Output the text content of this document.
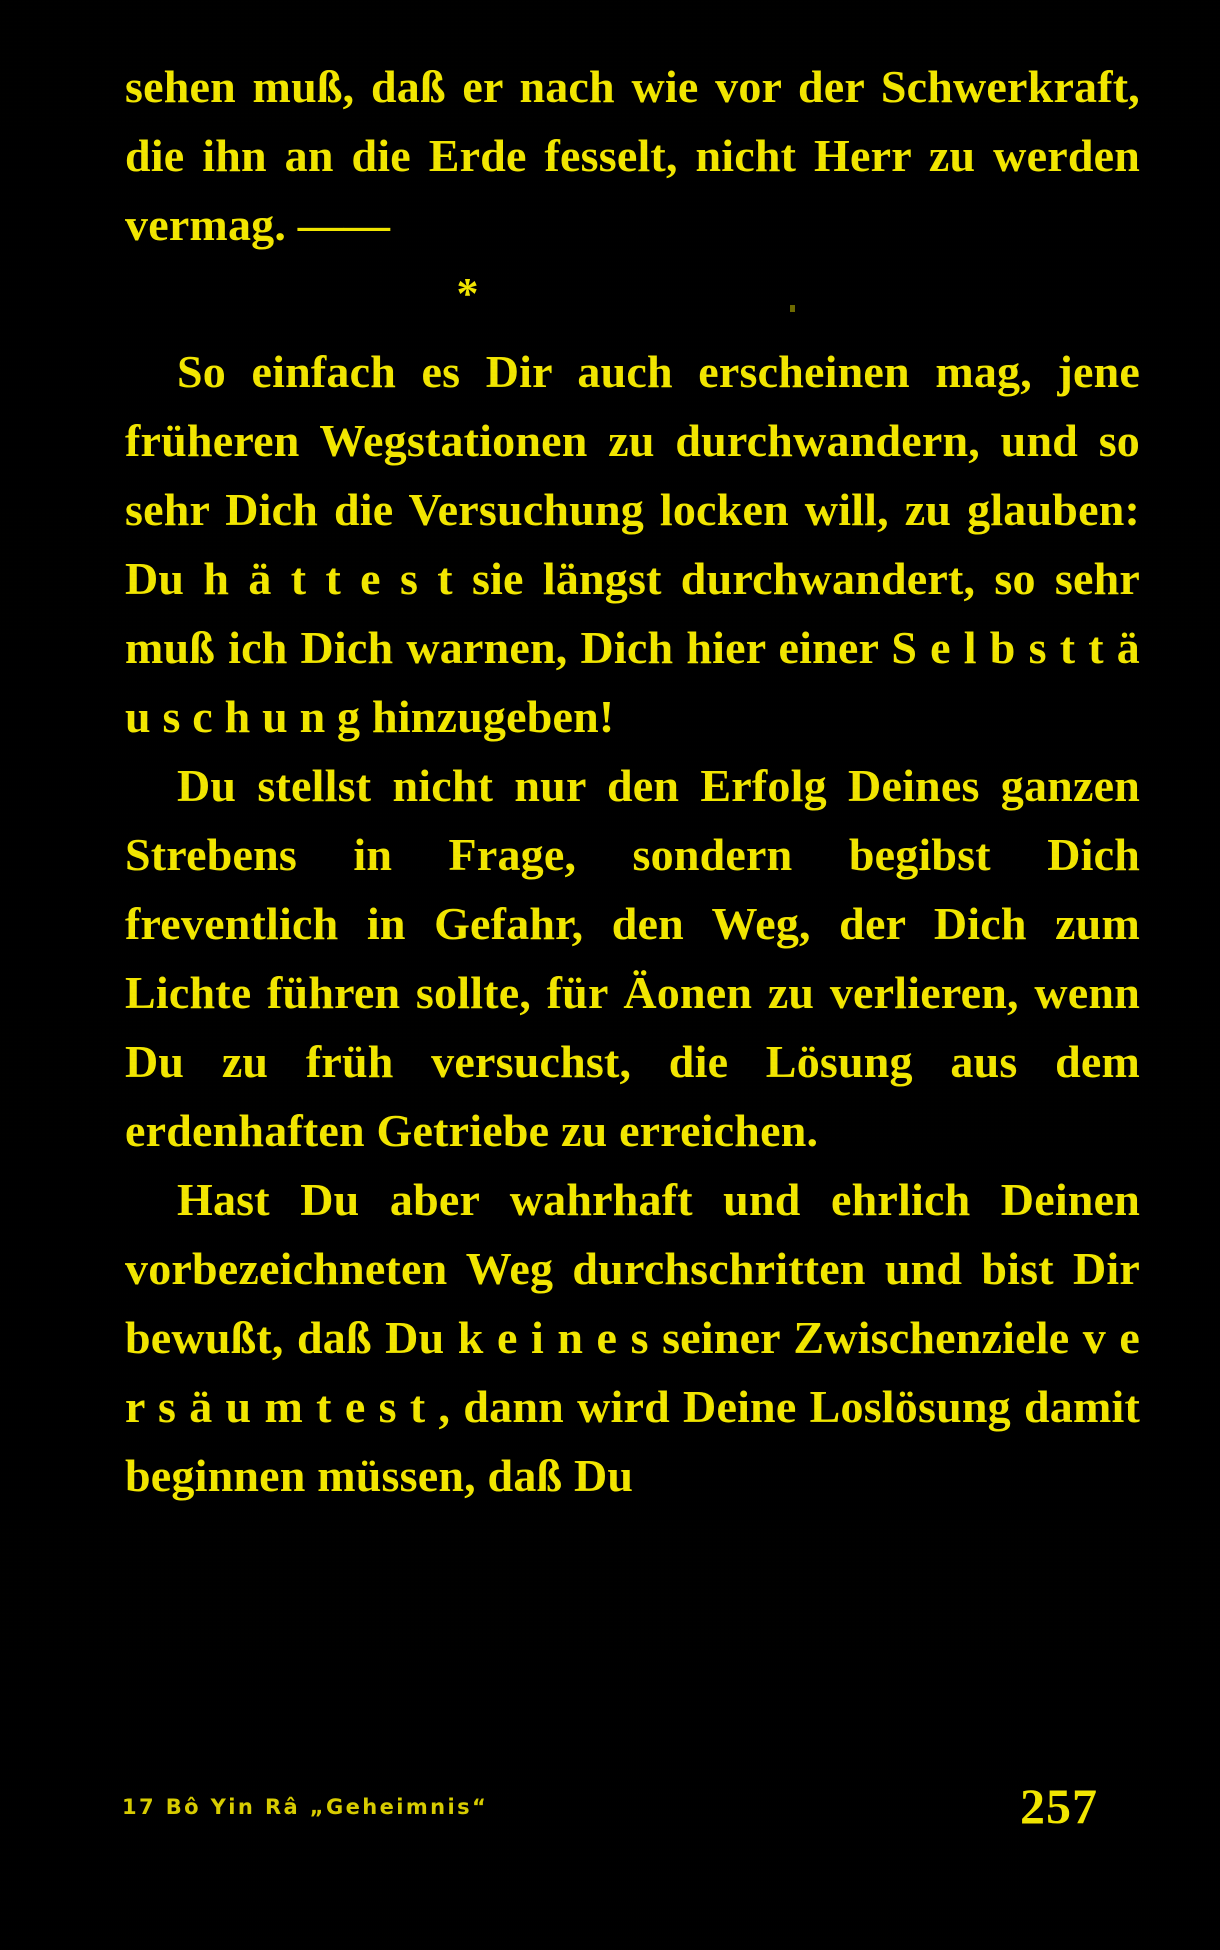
sehen muß, daß er nach wie vor der Schwerkraft, die ihn an die Erde fesselt, nicht Herr zu werden vermag. ——

*

So einfach es Dir auch erscheinen mag, jene früheren Wegstationen zu durchwandern, und so sehr Dich die Versuchung locken will, zu glauben: Du h ä t t e s t sie längst durchwandert, so sehr muß ich Dich warnen, Dich hier einer S e l b s t t ä u s c h u n g hinzugeben!

Du stellst nicht nur den Erfolg Deines ganzen Strebens in Frage, sondern begibst Dich freventlich in Gefahr, den Weg, der Dich zum Lichte führen sollte, für Äonen zu verlieren, wenn Du zu früh versuchst, die Lösung aus dem erdenhaften Getriebe zu erreichen.

Hast Du aber wahrhaft und ehrlich Deinen vorbezeichneten Weg durchschritten und bist Dir bewußt, daß Du k e i n e s seiner Zwischenziele v e r s ä u m t e s t , dann wird Deine Loslösung damit beginnen müssen, daß Du

17 Bô Yin Râ „Geheimnis“	257
